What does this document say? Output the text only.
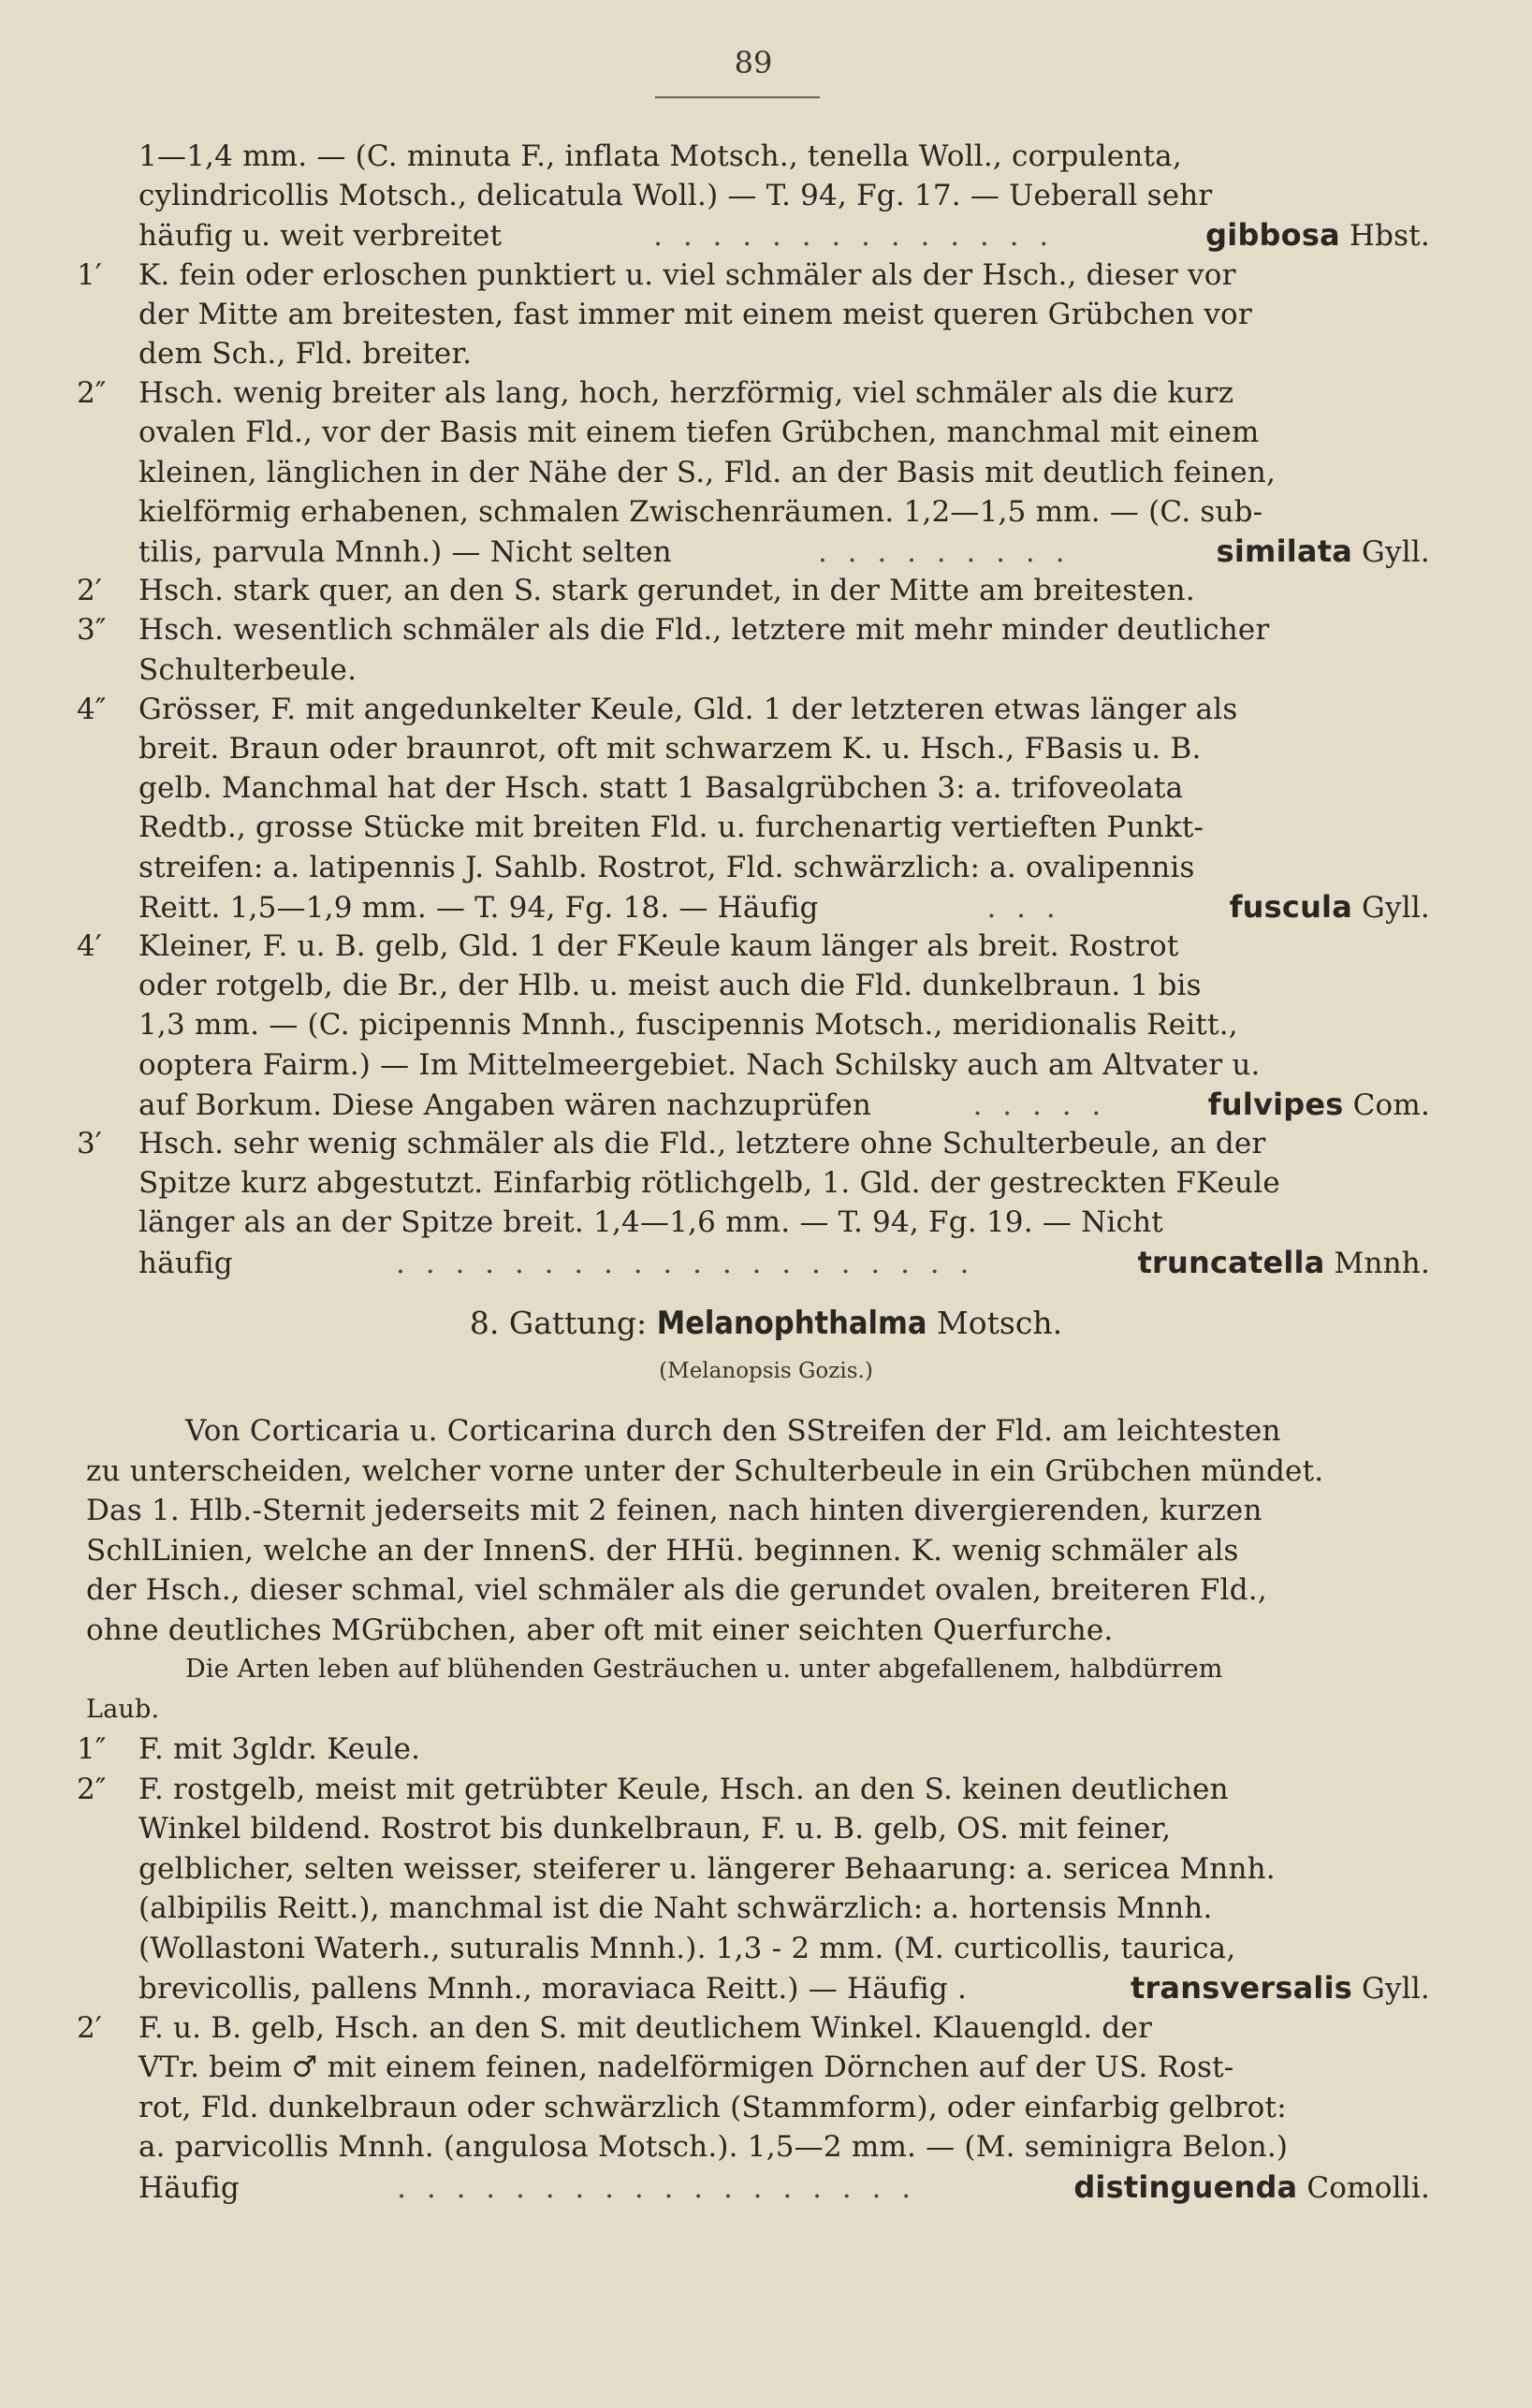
89
1—1,4 mm. — (C. minuta F., inflata Motsch., tenella Woll., corpulenta,
cylindricollis Motsch., delicatula Woll.) — T. 94, Fg. 17. — Ueberall sehr
häufig u. weit verbreitet	. . . . . . . . . . . . . .	gibbosa Hbst.
1′	K. fein oder erloschen punktiert u. viel schmäler als der Hsch., dieser vor
der Mitte am breitesten, fast immer mit einem meist queren Grübchen vor
dem Sch., Fld. breiter.
2″	Hsch. wenig breiter als lang, hoch, herzförmig, viel schmäler als die kurz
ovalen Fld., vor der Basis mit einem tiefen Grübchen, manchmal mit einem
kleinen, länglichen in der Nähe der S., Fld. an der Basis mit deutlich feinen,
kielförmig erhabenen, schmalen Zwischenräumen. 1,2—1,5 mm. — (C. sub-
tilis, parvula Mnnh.) — Nicht selten	. . . . . . . . .	similata Gyll.
2′	Hsch. stark quer, an den S. stark gerundet, in der Mitte am breitesten.
3″	Hsch. wesentlich schmäler als die Fld., letztere mit mehr minder deutlicher
Schulterbeule.
4″	Grösser, F. mit angedunkelter Keule, Gld. 1 der letzteren etwas länger als
breit. Braun oder braunrot, oft mit schwarzem K. u. Hsch., FBasis u. B.
gelb. Manchmal hat der Hsch. statt 1 Basalgrübchen 3: a. trifoveolata
Redtb., grosse Stücke mit breiten Fld. u. furchenartig vertieften Punkt-
streifen: a. latipennis J. Sahlb. Rostrot, Fld. schwärzlich: a. ovalipennis
Reitt. 1,5—1,9 mm. — T. 94, Fg. 18. — Häufig	. . .	fuscula Gyll.
4′	Kleiner, F. u. B. gelb, Gld. 1 der FKeule kaum länger als breit. Rostrot
oder rotgelb, die Br., der Hlb. u. meist auch die Fld. dunkelbraun. 1 bis
1,3 mm. — (C. picipennis Mnnh., fuscipennis Motsch., meridionalis Reitt.,
ooptera Fairm.) — Im Mittelmeergebiet. Nach Schilsky auch am Altvater u.
auf Borkum. Diese Angaben wären nachzuprüfen	. . . . .	fulvipes Com.
3′	Hsch. sehr wenig schmäler als die Fld., letztere ohne Schulterbeule, an der
Spitze kurz abgestutzt. Einfarbig rötlichgelb, 1. Gld. der gestreckten FKeule
länger als an der Spitze breit. 1,4—1,6 mm. — T. 94, Fg. 19. — Nicht
häufig	. . . . . . . . . . . . . . . . . . . .	truncatella Mnnh.
8. Gattung: Melanophthalma Motsch.
(Melanopsis Gozis.)
Von Corticaria u. Corticarina durch den SStreifen der Fld. am leichtesten
zu unterscheiden, welcher vorne unter der Schulterbeule in ein Grübchen mündet.
Das 1. Hlb.-Sternit jederseits mit 2 feinen, nach hinten divergierenden, kurzen
SchlLinien, welche an der InnenS. der HHü. beginnen. K. wenig schmäler als
der Hsch., dieser schmal, viel schmäler als die gerundet ovalen, breiteren Fld.,
ohne deutliches MGrübchen, aber oft mit einer seichten Querfurche.
Die Arten leben auf blühenden Gesträuchen u. unter abgefallenem, halbdürrem
Laub.
1″	F. mit 3gldr. Keule.
2″	F. rostgelb, meist mit getrübter Keule, Hsch. an den S. keinen deutlichen
Winkel bildend. Rostrot bis dunkelbraun, F. u. B. gelb, OS. mit feiner,
gelblicher, selten weisser, steiferer u. längerer Behaarung: a. sericea Mnnh.
(albipilis Reitt.), manchmal ist die Naht schwärzlich: a. hortensis Mnnh.
(Wollastoni Waterh., suturalis Mnnh.). 1,3 - 2 mm. (M. curticollis, taurica,
brevicollis, pallens Mnnh., moraviaca Reitt.) — Häufig .	transversalis Gyll.
2′	F. u. B. gelb, Hsch. an den S. mit deutlichem Winkel. Klauengld. der
VTr. beim ♂ mit einem feinen, nadelförmigen Dörnchen auf der US. Rost-
rot, Fld. dunkelbraun oder schwärzlich (Stammform), oder einfarbig gelbrot:
a. parvicollis Mnnh. (angulosa Motsch.). 1,5—2 mm. — (M. seminigra Belon.)
Häufig	. . . . . . . . . . . . . . . . . .	distinguenda Comolli.
